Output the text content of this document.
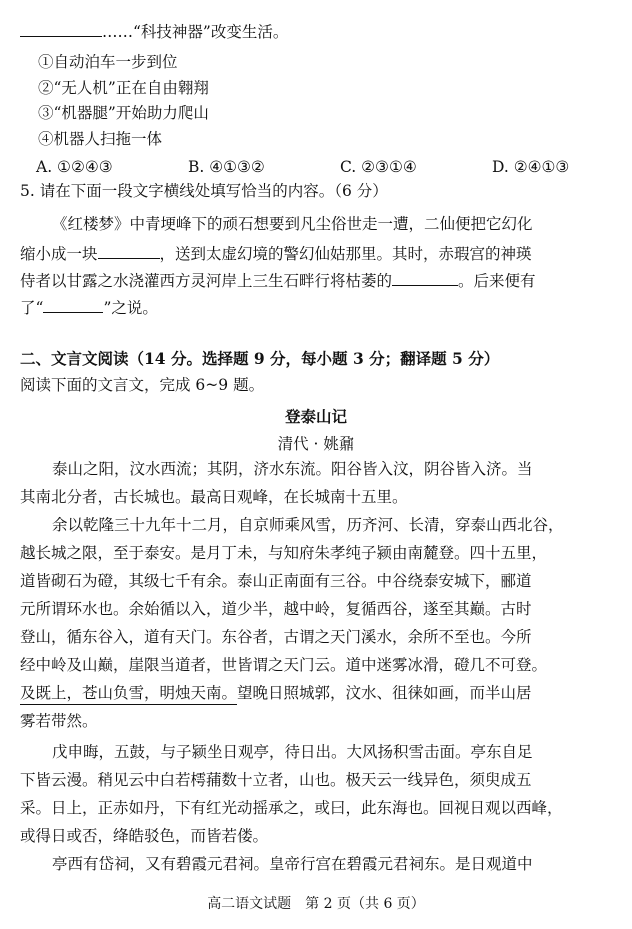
……“科技神器”改变生活。
①自动泊车一步到位
②“无人机”正在自由翱翔
③“机器腿”开始助力爬山
④机器人扫拖一体
A. ①②④③	B. ④①③②	C. ②③①④	D. ②④①③
5. 请在下面一段文字横线处填写恰当的内容。（6 分）
《红楼梦》中青埂峰下的顽石想要到凡尘俗世走一遭，二仙便把它幻化
缩小成一块	，送到太虚幻境的警幻仙姑那里。其时，赤瑕宫的神瑛
侍者以甘露之水浇灌西方灵河岸上三生石畔行将枯萎的	。后来便有
了“	”之说。
二、文言文阅读（14 分。选择题 9 分，每小题 3 分；翻译题 5 分）
阅读下面的文言文，完成 6~9 题。
登泰山记
清代 · 姚鼐
泰山之阳，汶水西流；其阴，济水东流。阳谷皆入汶，阴谷皆入济。当
其南北分者，古长城也。最高日观峰，在长城南十五里。
余以乾隆三十九年十二月，自京师乘风雪，历齐河、长清，穿泰山西北谷，
越长城之限，至于泰安。是月丁未，与知府朱孝纯子颍由南麓登。四十五里，
道皆砌石为磴，其级七千有余。泰山正南面有三谷。中谷绕泰安城下，郦道
元所谓环水也。余始循以入，道少半，越中岭，复循西谷，遂至其巅。古时
登山，循东谷入，道有天门。东谷者，古谓之天门溪水，余所不至也。今所
经中岭及山巅，崖限当道者，世皆谓之天门云。道中迷雾冰滑，磴几不可登。
及既上，苍山负雪，明烛天南。望晚日照城郭，汶水、徂徕如画，而半山居
雾若带然。
戊申晦，五鼓，与子颍坐日观亭，待日出。大风扬积雪击面。亭东自足
下皆云漫。稍见云中白若樗蒱数十立者，山也。极天云一线异色，须臾成五
采。日上，正赤如丹，下有红光动摇承之，或曰，此东海也。回视日观以西峰，
或得日或否，绛皓驳色，而皆若偻。
亭西有岱祠，又有碧霞元君祠。皇帝行宫在碧霞元君祠东。是日观道中
高二语文试题　第 2 页（共 6 页）
